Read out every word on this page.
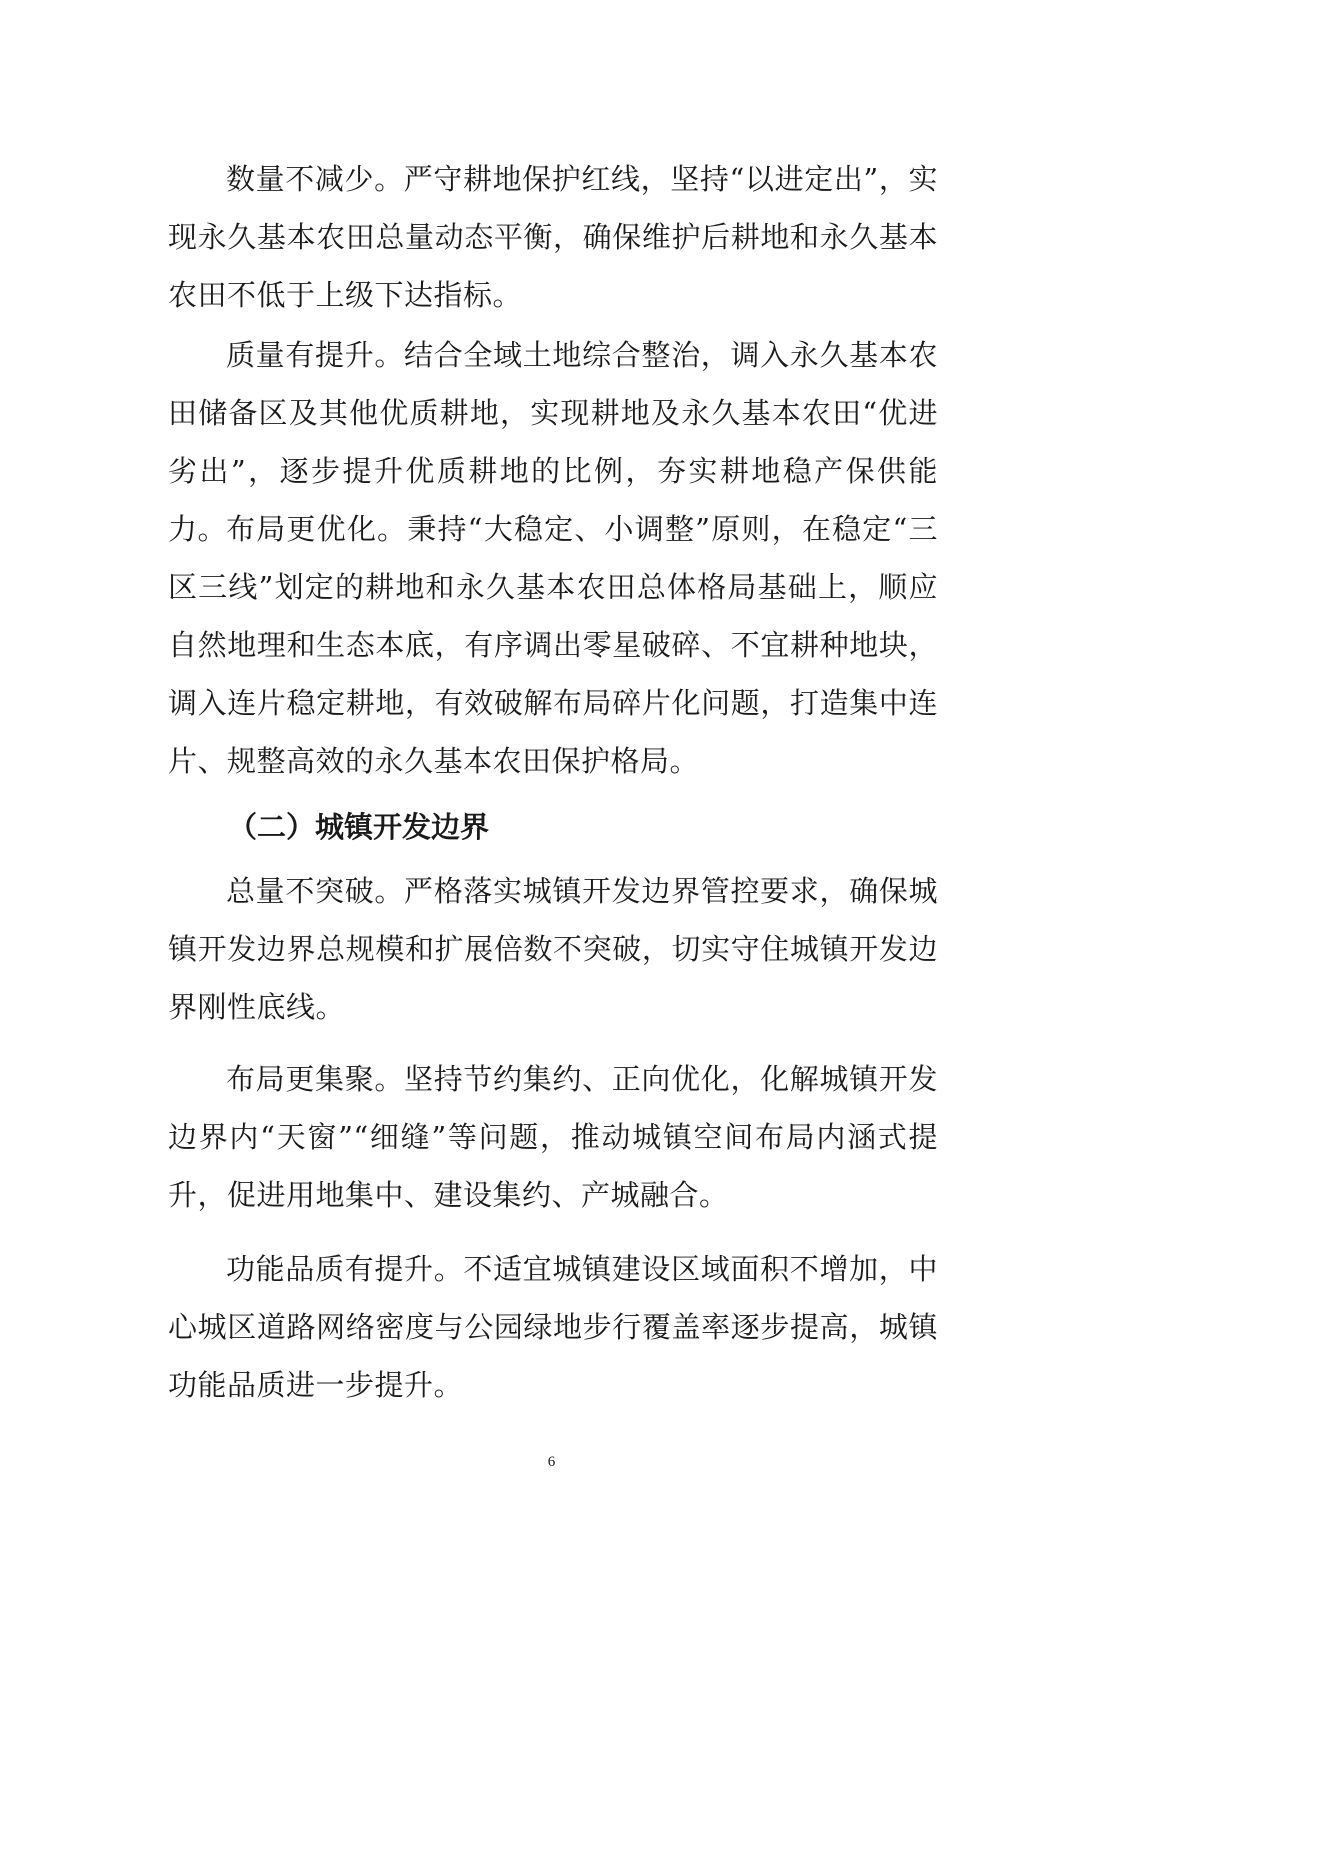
数量不减少。严守耕地保护红线，坚持“以进定出”，实现永久基本农田总量动态平衡，确保维护后耕地和永久基本农田不低于上级下达指标。

质量有提升。结合全域土地综合整治，调入永久基本农田储备区及其他优质耕地，实现耕地及永久基本农田“优进劣出”，逐步提升优质耕地的比例，夯实耕地稳产保供能力。

布局更优化。秉持“大稳定、小调整”原则，在稳定“三区三线”划定的耕地和永久基本农田总体格局基础上，顺应自然地理和生态本底，有序调出零星破碎、不宜耕种地块，调入连片稳定耕地，有效破解布局碎片化问题，打造集中连片、规整高效的永久基本农田保护格局。

（二）城镇开发边界

总量不突破。严格落实城镇开发边界管控要求，确保城镇开发边界总规模和扩展倍数不突破，切实守住城镇开发边界刚性底线。

布局更集聚。坚持节约集约、正向优化，化解城镇开发边界内“天窗”“细缝”等问题，推动城镇空间布局内涵式提升，促进用地集中、建设集约、产城融合。

功能品质有提升。不适宜城镇建设区域面积不增加，中心城区道路网络密度与公园绿地步行覆盖率逐步提高，城镇功能品质进一步提升。

6
